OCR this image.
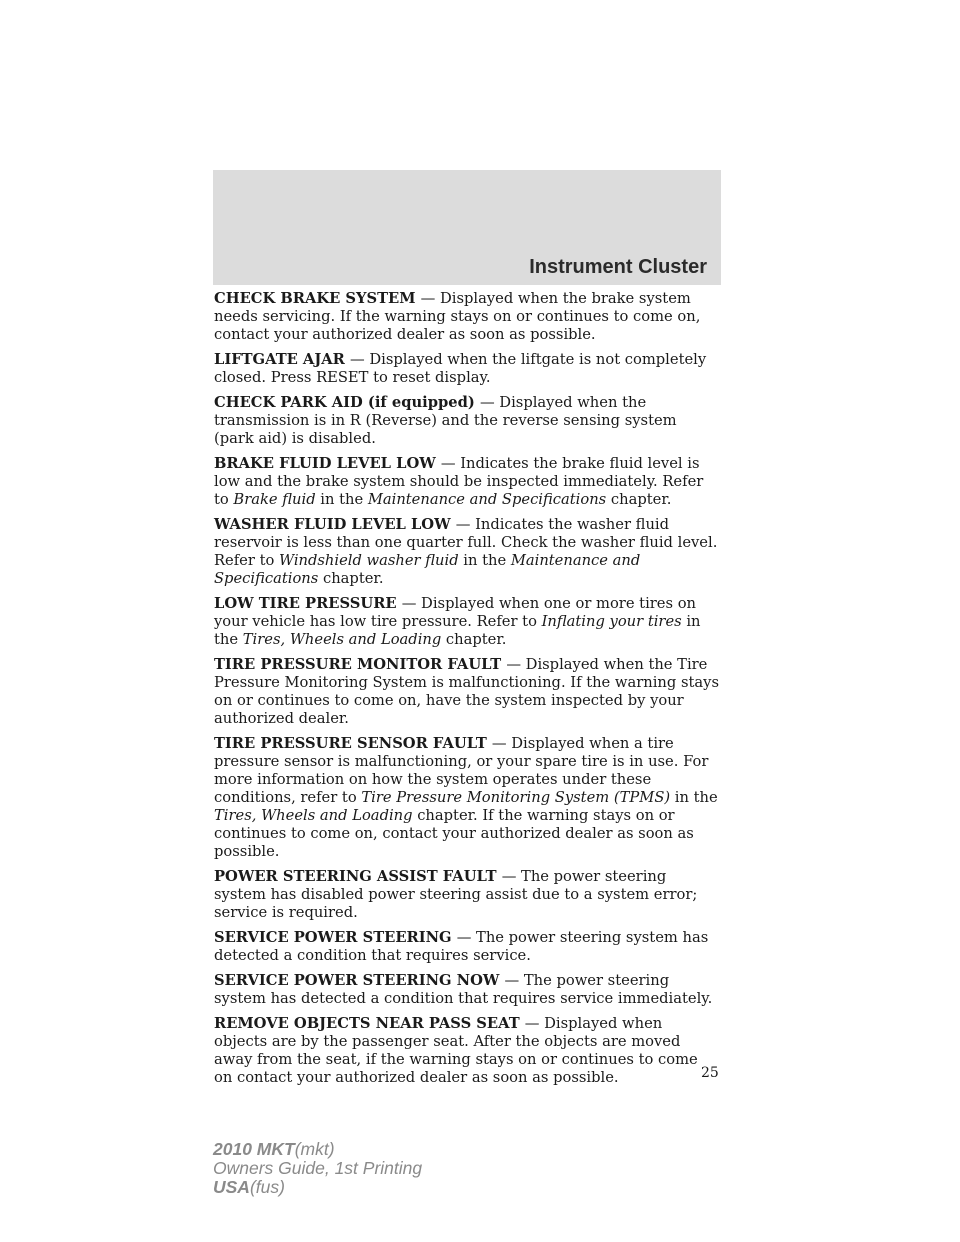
Instrument Cluster

CHECK BRAKE SYSTEM — Displayed when the brake system needs servicing. If the warning stays on or continues to come on, contact your authorized dealer as soon as possible.

LIFTGATE AJAR — Displayed when the liftgate is not completely closed. Press RESET to reset display.

CHECK PARK AID (if equipped) — Displayed when the transmission is in R (Reverse) and the reverse sensing system (park aid) is disabled.

BRAKE FLUID LEVEL LOW — Indicates the brake fluid level is low and the brake system should be inspected immediately. Refer to Brake fluid in the Maintenance and Specifications chapter.

WASHER FLUID LEVEL LOW — Indicates the washer fluid reservoir is less than one quarter full. Check the washer fluid level. Refer to Windshield washer fluid in the Maintenance and Specifications chapter.

LOW TIRE PRESSURE — Displayed when one or more tires on your vehicle has low tire pressure. Refer to Inflating your tires in the Tires, Wheels and Loading chapter.

TIRE PRESSURE MONITOR FAULT — Displayed when the Tire Pressure Monitoring System is malfunctioning. If the warning stays on or continues to come on, have the system inspected by your authorized dealer.

TIRE PRESSURE SENSOR FAULT — Displayed when a tire pressure sensor is malfunctioning, or your spare tire is in use. For more information on how the system operates under these conditions, refer to Tire Pressure Monitoring System (TPMS) in the Tires, Wheels and Loading chapter. If the warning stays on or continues to come on, contact your authorized dealer as soon as possible.

POWER STEERING ASSIST FAULT — The power steering system has disabled power steering assist due to a system error; service is required.

SERVICE POWER STEERING — The power steering system has detected a condition that requires service.

SERVICE POWER STEERING NOW — The power steering system has detected a condition that requires service immediately.

REMOVE OBJECTS NEAR PASS SEAT — Displayed when objects are by the passenger seat. After the objects are moved away from the seat, if the warning stays on or continues to come on contact your authorized dealer as soon as possible.	25
2010 MKT(mkt)
Owners Guide, 1st Printing
USA(fus)
